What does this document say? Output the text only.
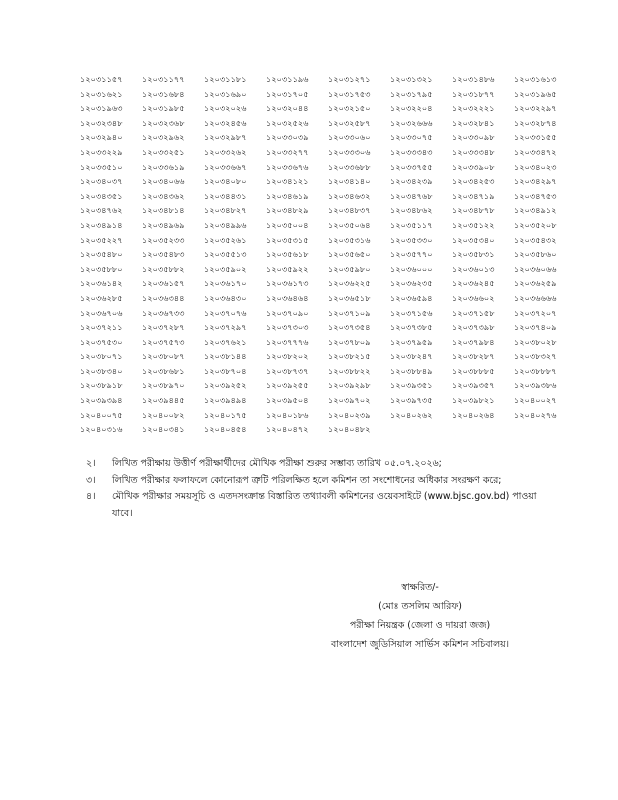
১২০৩১১৫৭	১২০৩১১৭৭	১২০৩১১৮১	১২০৩১১৯৬	১২০৩১২৭১	১২০৩১৩২১	১২০৩১৪৮৬	১২০৩১৬১৩
১২০৩১৬২১	১২০৩১৬৮৪	১২০৩১৬৯০	১২০৩১৭০৫	১২০৩১৭৫৩	১২০৩১৭৯৫	১২০৩১৮৭৭	১২০৩১৯৬৫
১২০৩১৯৬৩	১২০৩১৯৮৫	১২০৩২০২৬	১২০৩২০৪৪	১২০৩২১৫০	১২০৩২২০৪	১২০৩২২২১	১২০৩২২৯৭
১২০৩২৩৪৮	১২০৩২৩৬৮	১২০৩২৪৫৬	১২০৩২৫২৬	১২০৩২৫৮৭	১২০৩২৬৬৬	১২০৩২৮৪১	১২০৩২৮৭৪
১২০৩২৯৪০	১২০৩২৯৬২	১২০৩২৯৮৭	১২০৩৩০৩৯	১২০৩৩০৬০	১২০৩৩০৭৫	১২০৩৩০৯৮	১২০৩৩১৫৫
১২০৩৩২২৯	১২০৩৩২৫১	১২০৩৩২৬২	১২০৩৩২৭৭	১২০৩৩৩০৬	১২০৩৩৩৪৩	১২০৩৩৩৪৮	১২০৩৩৪৭২
১২০৩৩৫১০	১২০৩৩৬১৯	১২০৩৩৬৬৭	১২০৩৩৬৭৬	১২০৩৩৬৮৮	১২০৩৩৭৫৫	১২০৩৩৯০৮	১২০৩৪০২৩
১২০৩৪০৩৭	১২০৩৪০৬৬	১২০৩৪০৮০	১২০৩৪১২১	১২০৩৪১৪০	১২০৩৪২৩৯	১২০৩৪২৫৩	১২০৩৪২৯৭
১২০৩৪৩৫১	১২০৩৪৩৬২	১২০৩৪৪৩১	১২০৩৪৬১৯	১২০৩৪৬৩২	১২০৩৪৭৬৮	১২০৩৪৭১৯	১২০৩৪৭৫৩
১২০৩৪৭৬২	১২০৩৪৮১৪	১২০৩৪৮২৭	১২০৩৪৮২৯	১২০৩৪৮৩৭	১২০৩৪৮৬২	১২০৩৪৮৭৮	১২০৩৪৯১২
১২০৩৪৯১৪	১২০৩৪৯৬৯	১২০৩৪৯৯৬	১২০৩৫০০৪	১২০৩৫০৬৪	১২০৩৫১১৭	১২০৩৫১২২	১২০৩৫২০৮
১২০৩৫২২৭	১২০৩৫২৩৩	১২০৩৫২৬১	১২০৩৫৩১৫	১২০৩৫৩১৬	১২০৩৫৩৩০	১২০৩৫৩৪০	১২০৩৫৪৩২
১২০৩৫৪৮০	১২০৩৫৪৮৩	১২০৩৫৫১৩	১২০৩৫৬১৮	১২০৩৫৬৫০	১২০৩৫৭৭০	১২০৩৫৮৩১	১২০৩৫৮৬০
১২০৩৫৮৮০	১২০৩৫৮৮২	১২০৩৫৯০২	১২০৩৫৯২২	১২০৩৫৯৮০	১২০৩৬০০০	১২০৩৬০১৩	১২০৩৬০৬৬
১২০৩৬১৪২	১২০৩৬১৫৭	১২০৩৬১৭০	১২০৩৬১৭৩	১২০৩৬২২৫	১২০৩৬২৩৫	১২০৩৬২৪৫	১২০৩৬২৫৯
১২০৩৬২৮৫	১২০৩৬৩৪৪	১২০৩৬৪৩০	১২০৩৬৪৬৪	১২০৩৬৫১৮	১২০৩৬৫৯৪	১২০৩৬৬০২	১২০৩৬৬৬৬
১২০৩৬৭০৬	১২০৩৬৭৩৩	১২০৩৭০৭৬	১২০৩৭০৯০	১২০৩৭১০৯	১২০৩৭১৫৬	১২০৩৭১৫৮	১২০৩৭২০৭
১২০৩৭২১১	১২০৩৭২৮৭	১২০৩৭২৯৭	১২০৩৭৩০৩	১২০৩৭৩৫৪	১২০৩৭৩৮৫	১২০৩৭৩৯৮	১২০৩৭৪০৯
১২০৩৭৫৩০	১২০৩৭৫৭৩	১২০৩৭৬২১	১২০৩৭৭৭৬	১২০৩৭৮০৯	১২০৩৭৯৫৯	১২০৩৭৯৮৪	১২০৩৮০২৮
১২০৩৮০৭১	১২০৩৮০৮৭	১২০৩৮১৪৪	১২০৩৮২০২	১২০৩৮২১৫	১২০৩৮২৪৭	১২০৩৮২৮৭	১২০৩৮৩২৭
১২০৩৮৩৪০	১২০৩৮৬৮১	১২০৩৮৭০৪	১২০৩৮৭৩৭	১২০৩৮৮২২	১২০৩৮৮৪৯	১২০৩৮৮৮৫	১২০৩৮৮৮৭
১২০৩৮৯১৮	১২০৩৮৯৭০	১২০৩৯২৫২	১২০৩৯২৫৫	১২০৩৯২৯৮	১২০৩৯৩৫১	১২০৩৯৩৫৭	১২০৩৯৩৮৬
১২০৩৯৩৯৪	১২০৩৯৪৪৫	১২০৩৯৪৯৪	১২০৩৯৫০৪	১২০৩৯৭০২	১২০৩৯৭৩৫	১২০৩৯৮২১	১২০৪০০২৭
১২০৪০০৭৫	১২০৪০০৮২	১২০৪০১৭৫	১২০৪০১৮৬	১২০৪০২৩৯	১২০৪০২৬২	১২০৪০২৬৪	১২০৪০২৭৬
১২০৪০৩১৬	১২০৪০৩৪১	১২০৪০৪৫৪	১২০৪০৪৭২	১২০৪০৪৮২			
২।	লিখিত পরীক্ষায় উত্তীর্ণ পরীক্ষার্থীদের মৌখিক পরীক্ষা শুরুর সম্ভাব্য তারিখ ০৫.০৭.২০২৬;
৩।	লিখিত পরীক্ষার ফলাফলে কোনোরূপ ত্রুটি পরিলক্ষিত হলে কমিশন তা সংশোধনের অধিকার সংরক্ষণ করে;
৪।	মৌখিক পরীক্ষার সময়সূচি ও এতদসংক্রান্ত বিস্তারিত তথ্যাবলী কমিশনের ওয়েবসাইটে (www.bjsc.gov.bd) পাওয়া যাবে।
স্বাক্ষরিত/-
(মোঃ তসলিম আরিফ)
পরীক্ষা নিয়ন্ত্রক (জেলা ও দায়রা জজ)
বাংলাদেশ জুডিসিয়াল সার্ভিস কমিশন সচিবালয়।
